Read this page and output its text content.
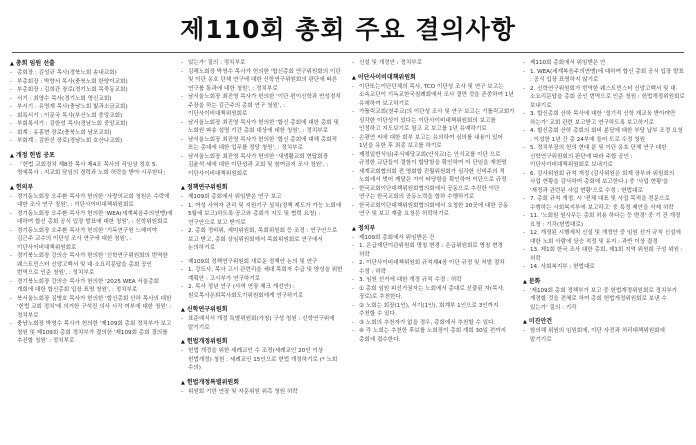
제110회 총회 주요 결의사항
▲ 총회 임원 선출
- 총회장 : 김성규 목사(경북노회 송내교회)
- 부총회장 : 박향서 목사(충북노회 한양이교회)
- 부총회장 : 김희관 장로(경기노회 목죽동교회)
- 서기 : 최영수 목사(경기노회 명신교회)
- 부서기 : 유명재 목사(충남노회 빛과소금교회)
- 회록서기 : 이문국 목사(부산노회 중앙교회)
- 부회록서기 : 김한성 목사(경남노회 중앙교회)
- 회계 : 유홍현 장로(충북노회 남포교회)
- 부회계 : 김한선 장로(경남노회 호산나교회)
▲ 개정 헌법 공포
- 「헌법 교회정치 제8장 목사 제4조 목사의 직임상 칭호 5. 명예목사 : 지교회 담임의 경력과 노회 허락을 받아 시무한다」
▲ 헌의부
- 경기동노회장 오주환 목사가 헌의한 '사랑의교회 청원은 수락에 대한 조사 연구 청원', : 이단사이비대책위원회로
- 경기동노회장 오주환 목사가 헌의한 'WEA(세계복음주의연맹)에 대하여 합신 총회 공식 입장 발표에 대한 청원', : 신학위원회로
- 경기동노회장 오주환 목사가 헌의한 '기독연구원 느헤미야 김근주 교수의 이단성 조사 연구에 대한 청원', : 이단사이비대책위원회로
- 경기북노회장 강의승 목사가 헌의한 '신학연구위원회의 번역한 웨스트민스터 신앙고백서 및 대·소요리문답을 총회 공인 번역으로 인준 청원', : 정치부로
- 경기북노회장 강의승 목사가 헌의한 '2025 WEA 서울총회 개회에 대한 합신총회 입장 표명 청원', : 정치부로
- 북서울노회장 김병호 목사가 헌의한 '합신총회 산하 목사의 대한 '헌법 교회 정치'에 의거한 구석진 의사 시작 여부에 대한 청원' : 정치부로
- 충남노회장 박영수 목사가 헌의한 '제109회 총회 정치부가 보고 청원 및 제109회 총회 정치부가 결의한 '제109회 총회 결의를 추진할 청원' : 정치부로
- 있는가' 질의 : 정치부로
- 김해노회장 박영수 목사가 헌의한 '합신총회 연구위원회의 이단 및 이단 옹호 단체 연구에 대한 신학연구위원회의 판단에 따른 연구를 통과에 대한 청원', : 정치부로
- 남서울노회장 최진영 목사가 헌의한 '이단 편이신학과 반성경적 주장을 하는 김근주의 총회 연구 청원', : 이단사이비대책위원회로
- 남서울노회장 최진영 목사가 헌의한 '합신 총회에 대한 총회 및 노회원 파송 설명 기간 총회 대상에 대한 청원', : 정치부로
- 남서울노회장 최진영 목사가 헌의한 '합신 총회에 대해 총회적 또는 총대에 대한 업무를 정당 청원', : 정치부로
- 남서울노회장 최진영 목사가 헌의한 '새생활교회 현답회장 김윤석 세에 대한 이단성과 교회 및 참여금지 조사 청원', : 이단사이비대책위원회로
▲ 정책연구위원회
- 제109회 총회에서 위임받은 연구 보고
- 1. 여성 사역자 관리 및 지원기구 설치(정책 제도가 가능 노회에 5월에 보고)하도록 공고와 총회가 지도 및 협력 요청) : 연구안으로 보고 받기로
- 2. 총회 정비위, 세미위원회, 목회위원회 등 조정 : 연구안으로 보고 받고, 총회 상임위원회에서 목회위원회로 연구에서 논의하기로
- 제109회 정책연구위원회 새로운 정책안 논의 및 연구
- 1. 강도사, 목사 고시 관련리을 세대 목회자 수급 및 양성을 위한 계획안 : 고시부가 연구하기로
- 2. 목사 정년 연구 (사역 연장 체크 개선안) : 원로목사은퇴목사회도기위원회에게 연구하기로
▲ 신학연구위원회
- 표준예식서 개정 특별위원회(가칭) 구성 청원 : 신학연구위에 맡기기로
▲ 헌법개정위원회
- 헌법 개정을 위한 세례교인 수 조정(세례교인 20인 이상 헌법개정) 청원 : 세례교인 15인으로 헌법 개정하기로 (* 노회 수의)
▲ 헌법개정특별위원회
- 위원회 기한 연장 및 자문위원 위촉 청원 허락
- 신설 및 개정안 : 정치부로
▲ 이단사이비대책위원회
- 이단또는이단단체의 목사, TCO 이단성 조사 및 연구 보고는 소속교단이 기독교한국침례회에서 조사 결만 것을 존중하여 1년 유예하여 보고하기로
- 가톨릭교회(천주교)의 이단성 조사 및 연구 보고는 기톨릭교회가 심각한 이단성이 있다는 이단사이비대책위원회의 보고를 인정하고 지도보기로 참고 교 보고를 1년 유예하기로
- 손광연 씨에 대한 회부 보고는 유의하여 심의를 내용이 있어 1년을 유한 후 최종 보고를 하기로
- 제정일반식임(주식예당교회(안식교)는 안식교를 이단 으로 규정한 교단들이 결함이 합당함을 확인하여 이 단임을 재천명
- 세계교회협의회 전 영회합 진월위원회가 심각한 신비주의 적 노회에서 벗어 깨달은 거이 타당함을 확인하여 이단으로 규정
- 한국교회이단대책위원회협의회에서 공동으로 추진한 이단 연구는 한국교회의 공동노력을 합하 수행하기로
- 한국교회이단대책위원회협의회에서 요청한 20곳에 대한 공동 연구 및 보고 재출 요청은 허락하기로
▲ 정치부
- 제109회 총회에서 위임받은 건
- 1. 은급재단이관위원회 명칭 변경 : 은급위원회로 명칭 변경 허락
- 2. 이단사이비대책위원회 규칙제4장 이단 규정 및 처벌 절차 수정 : 허락
- 3. 임원 선거에 대한 개정 규칙 수정 : 허락
- ① 총회 임원 피선거권자는 노회에서 총대로 선출된 자(목사, 장로)로 추천한다.
- ② 노회는 회장(1인), 서기(1인), 회계부 1인으로 3인까지 추천할 수 있다.
- ③ 노회의 추천자가 없을 경우, 총회에서 추천할 수 있다.
- ④ 각 노회는 추천한 후보를 노회장이 총회 개회 30일 전까지 총회에 접수한다.
- 제110회 총회에서 위임받은 안
- 1. WEA(세계복음주의연맹)에 대하여 합신 총회 공식 입장 발표 : 공식 입장 표명하지 않기로
- 2. 신학연구위원회가 번역한 웨스트민스터 신앙고백서 및 대·소요리문답을 총회 공인 번역으로 인준 청원 : 헌법개정위원회로 보내기로
- 3. 합신총회 산하 목사에 대한 '정기적 신학 재교육 받아야만 하는가' 교회 관련 보고받고 연구하도록 보고하기로
- 4. 합신총회 산하 총회의 회비 분담에 대한 부당 납부 조정 요청 : 이성한 1년 간 총 24부에 들어 도로 수정 청원
- 5. 정치부장의 헌의 현대 분 및 이단 옹호 단체 연구 대한 신학연구위원회의 판단에 따라 주합 공인 : 이단사이비대책위원회로 보내기로
- 6. 감사위원회 규칙 개정 (감사위원은 회계 장부와 위원회의 사업 현황을 감사하여 총회에 보고한다.) 중 '사업 현황'을 '재정과 관련된 사업 현황'으로 수정 : 헌법대로
- 7. 총회 규칙 개정, 시 '전체 대표 및 사업 목적을 전문으로 수행하는 사회복지부에 보고하고' 중 특정 제안을 삭제 허락
- 11. '노회원 원사무는 총회 허용 하다는 등 변경' 중 기 건 개정 요청 : 기각(헌법대로)
- 12. 개정된 시행세칙 신설 및 개정안 중 임원 선거 규칙 신설에 대한 노회 사람에 상승 적정 및 유지 : 과반 이상 결정
- 13. 제1회 한국 조사 대한 총회, 제1회 지역 위원회 구성 위원 : 허락
- 14. 사회복지부 : 헌법대로
▲ 문화
- '제109회 총회 정책부가 보고 중 헌법개정위원회로 정치부가 개정할 것을 전체로 하여 총회 헌법개정위원회로 보낸 수 있는가' 질의 : 기각
▲ 미진안건
- 함의해 위원의 임원회에, 이단 사전과 처리대책위원회에 맡기기로
